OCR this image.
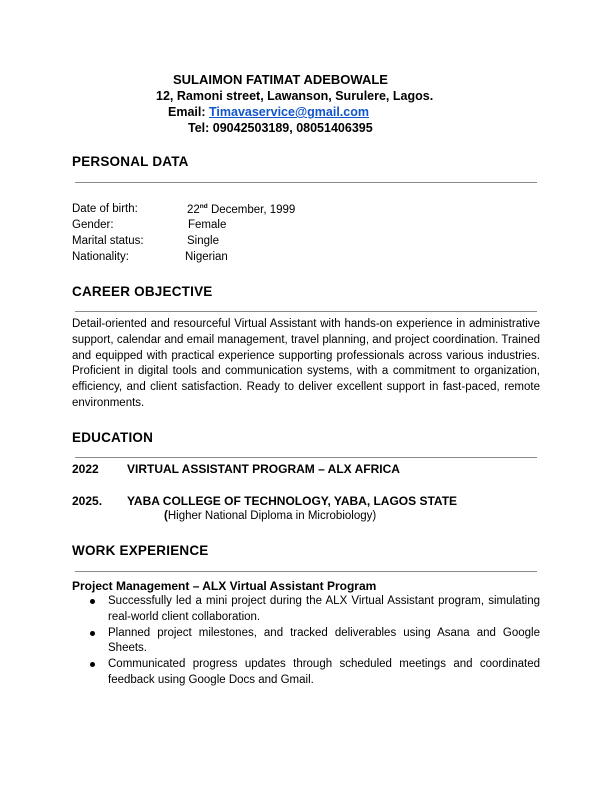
SULAIMON FATIMAT ADEBOWALE
12, Ramoni street, Lawanson, Surulere, Lagos.
Email: Timavaservice@gmail.com
Tel: 09042503189, 08051406395
PERSONAL DATA
Date of birth:	22nd December, 1999
Gender:	Female
Marital status:	Single
Nationality:	Nigerian
CAREER OBJECTIVE
Detail-oriented and resourceful Virtual Assistant with hands-on experience in administrative support, calendar and email management, travel planning, and project coordination. Trained and equipped with practical experience supporting professionals across various industries. Proficient in digital tools and communication systems, with a commitment to organization, efficiency, and client satisfaction. Ready to deliver excellent support in fast-paced, remote environments.
EDUCATION
2022 VIRTUAL ASSISTANT PROGRAM – ALX AFRICA
2025. YABA COLLEGE OF TECHNOLOGY, YABA, LAGOS STATE
(Higher National Diploma in Microbiology)
WORK EXPERIENCE
Project Management – ALX Virtual Assistant Program
Successfully led a mini project during the ALX Virtual Assistant program, simulating real-world client collaboration.
Planned project milestones, and tracked deliverables using Asana and Google Sheets.
Communicated progress updates through scheduled meetings and coordinated feedback using Google Docs and Gmail.
